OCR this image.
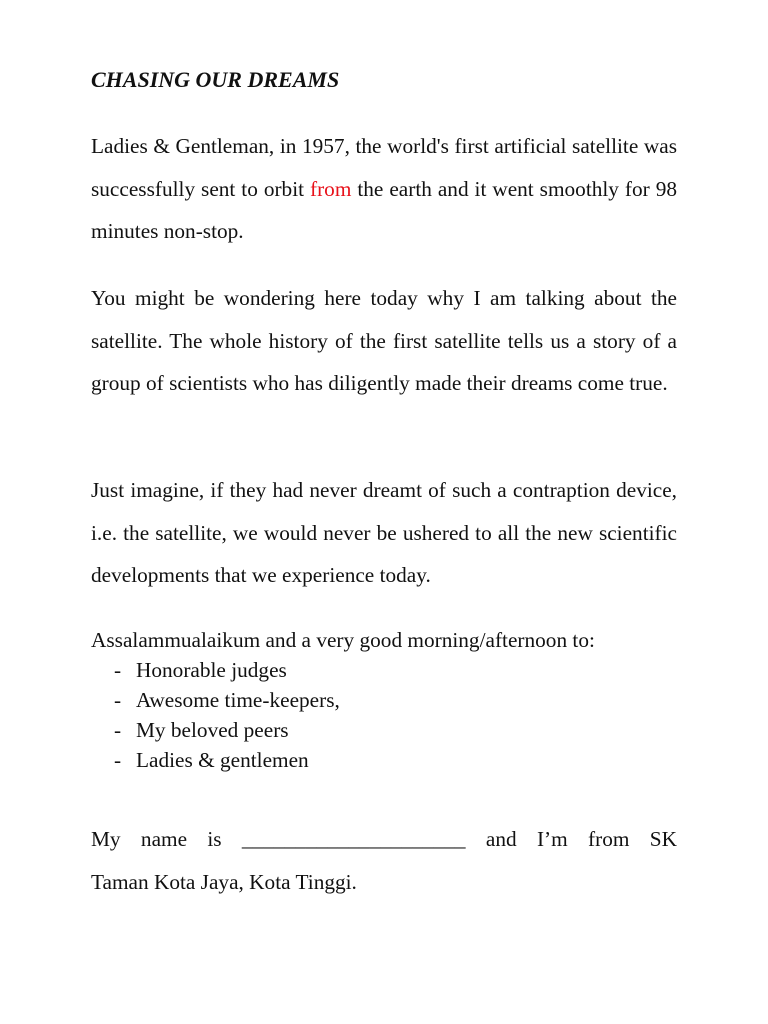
CHASING OUR DREAMS

Ladies & Gentleman, in 1957, the world's first artificial satellite was successfully sent to orbit from the earth and it went smoothly for 98 minutes non-stop.

You might be wondering here today why I am talking about the satellite. The whole history of the first satellite tells us a story of a group of scientists who has diligently made their dreams come true.

Just imagine, if they had never dreamt of such a contraption device, i.e. the satellite, we would never be ushered to all the new scientific developments that we experience today.

Assalammualaikum and a very good morning/afternoon to:

- Honorable judges
- Awesome time-keepers,
- My beloved peers
- Ladies & gentlemen
My name is _____________________ and I’m from SK
Taman Kota Jaya, Kota Tinggi.
